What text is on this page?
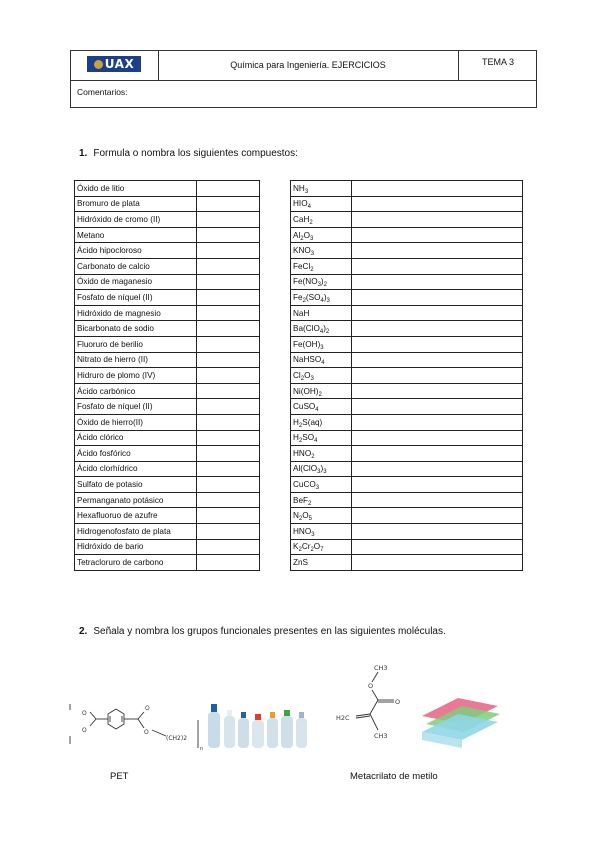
UAX	Química para Ingeniería. EJERCICIOS	TEMA 3
Comentarios:
1. Formula o nombra los siguientes compuestos:
Óxido de litio	
Bromuro de plata	
Hidróxido de cromo (II)	
Metano	
Ácido hipocloroso	
Carbonato de calcio	
Óxido de maganesio	
Fosfato de níquel (II)	
Hidróxido de magnesio	
Bicarbonato de sodio	
Fluoruro de berilio	
Nitrato de hierro (II)	
Hidruro de plomo (IV)	
Ácido carbónico	
Fosfato de níquel (II)	
Óxido de hierro(II)	
Ácido clórico	
Ácido fosfórico	
Ácido clorhídrico	
Sulfato de potasio	
Permanganato potásico	
Hexafluoruo de azufre	
Hidrogenofosfato de plata	
Hidróxido de bario	
Tetracloruro de carbono	
$NH_3$	
$HIO_4$	
CaH$_2$	
$Al_2O_3$	
$KNO_3$	
FeCl$_2$	
$Fe(NO_3)_2$	
$Fe_2(SO_4)_3$	
NaH	
$Ba(ClO_4)_2$	
$Fe(OH)_3$	
NaHSO$_4$	
$Cl_2O_3$	
$Ni(OH)_2$	
CuSO$_4$	
$H_2S(aq)$	
$H_2SO_4$	
$HNO_2$	
$Al(ClO_3)_3$	
CuCO$_3$	
BeF$_2$	
$N_2O_5$	
$HNO_3$	
$K_2Cr_2O_7$	
ZnS	
2. Señala y nombra los grupos funcionales presentes en las siguientes moléculas.
O
O	O
O
(CH2)2
n
CH3
O
O
H2C
CH3
PET	Metacrilato de metilo
